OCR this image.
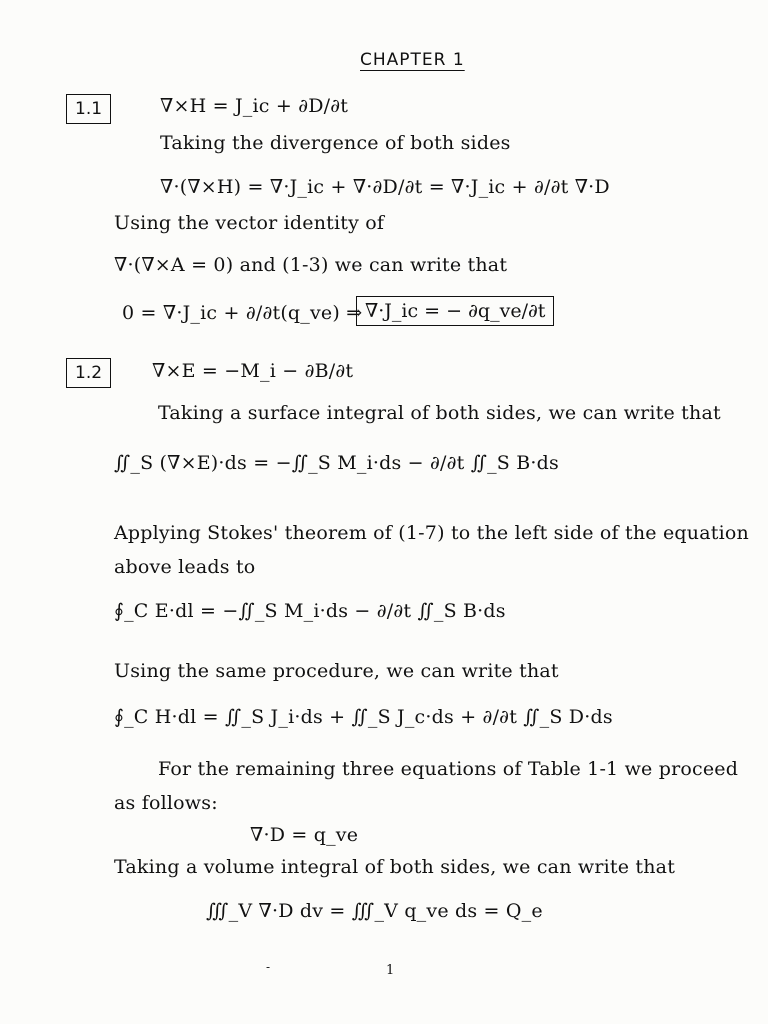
CHAPTER 1
1.1	∇×H = J_ic + ∂D/∂t
Taking the divergence of both sides
∇·(∇×H) = ∇·J_ic + ∇·∂D/∂t = ∇·J_ic + ∂/∂t ∇·D
Using the vector identity of
∇·(∇×A = 0) and (1-3) we can write that
0 = ∇·J_ic + ∂/∂t(q_ve) ⇒ ∇·J_ic = − ∂q_ve/∂t
1.2	∇×E = −M_i − ∂B/∂t
Taking a surface integral of both sides, we can write that
∬_S (∇×E)·ds = −∬_S M_i·ds − ∂/∂t ∬_S B·ds
Applying Stokes' theorem of (1-7) to the left side of the equation
above leads to
∮_C E·dl = −∬_S M_i·ds − ∂/∂t ∬_S B·ds
Using the same procedure, we can write that
∮_C H·dl = ∬_S J_i·ds + ∬_S J_c·ds + ∂/∂t ∬_S D·ds
For the remaining three equations of Table 1-1 we proceed
as follows:
∇·D = q_ve
Taking a volume integral of both sides, we can write that
∭_V ∇·D dv = ∭_V q_ve ds = Q_e
-	1
